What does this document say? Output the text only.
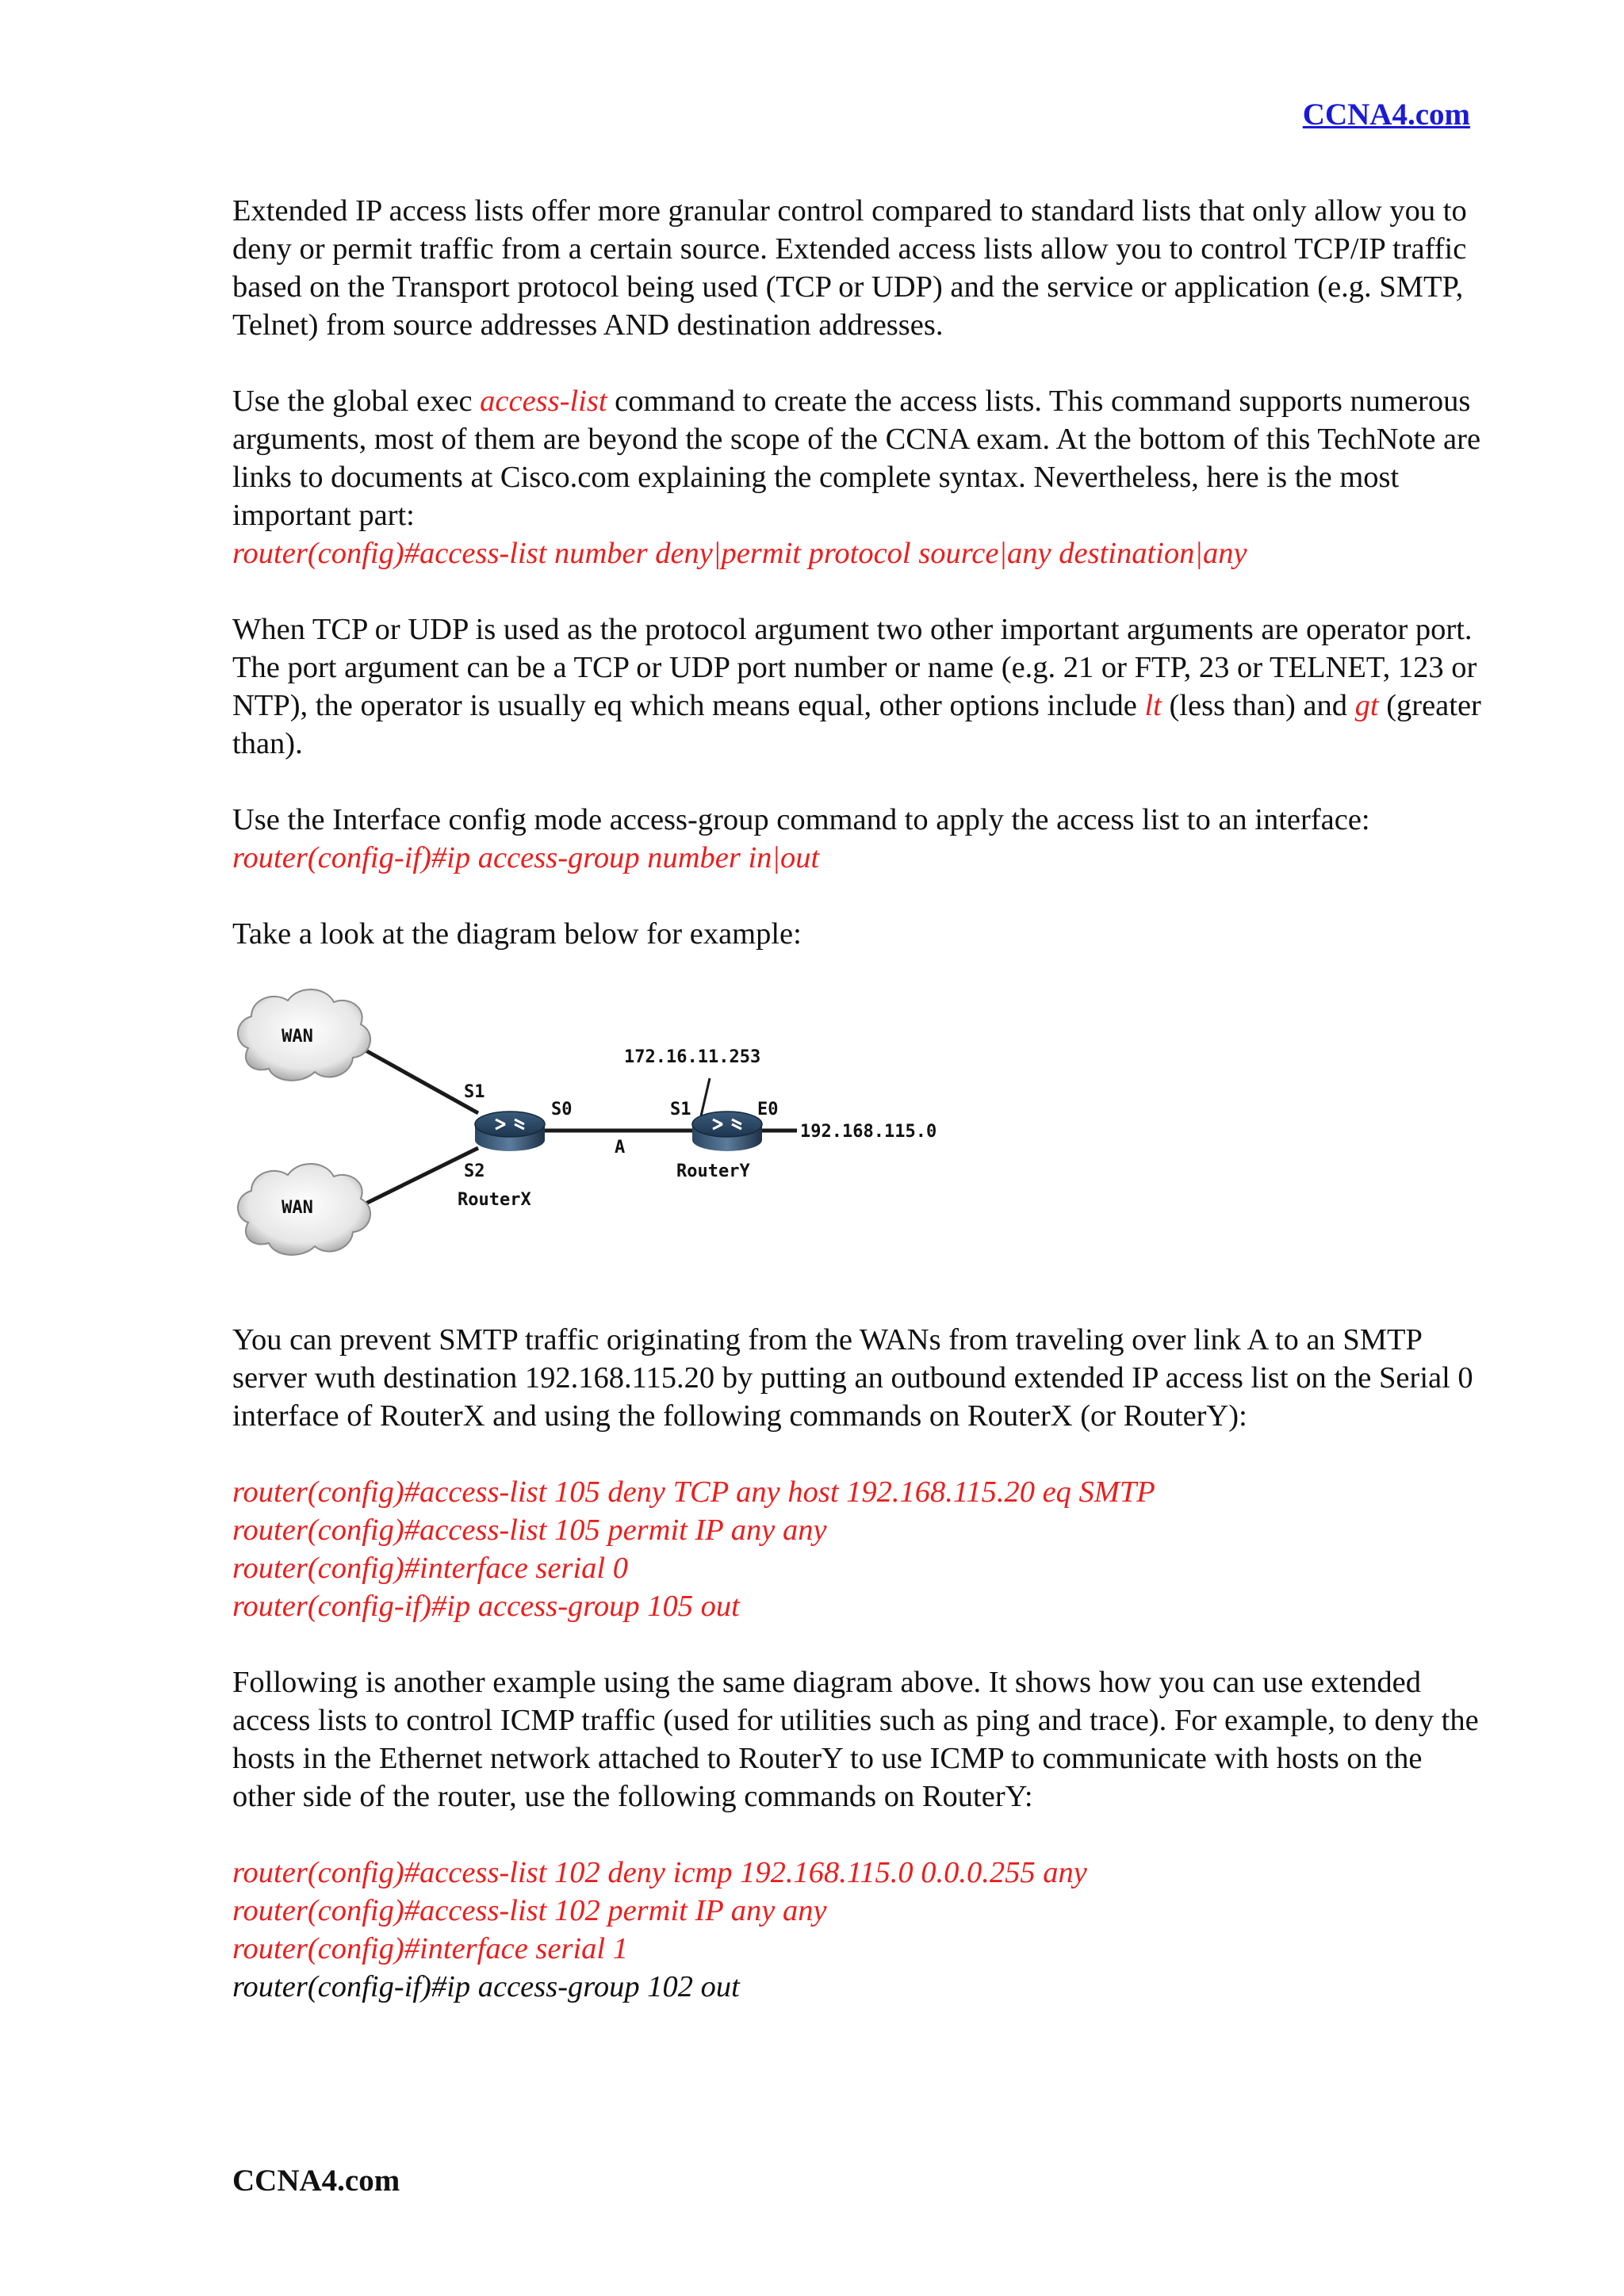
CCNA4.com

Extended IP access lists offer more granular control compared to standard lists that only allow you to deny or permit traffic from a certain source. Extended access lists allow you to control TCP/IP traffic based on the Transport protocol being used (TCP or UDP) and the service or application (e.g. SMTP, Telnet) from source addresses AND destination addresses.

Use the global exec access-list command to create the access lists. This command supports numerous arguments, most of them are beyond the scope of the CCNA exam. At the bottom of this TechNote are links to documents at Cisco.com explaining the complete syntax. Nevertheless, here is the most important part:

router(config)#access-list number deny|permit protocol source|any destination|any

When TCP or UDP is used as the protocol argument two other important arguments are operator port. The port argument can be a TCP or UDP port number or name (e.g. 21 or FTP, 23 or TELNET, 123 or NTP), the operator is usually eq which means equal, other options include lt (less than) and gt (greater than).

Use the Interface config mode access-group command to apply the access list to an interface:

router(config-if)#ip access-group number in|out

Take a look at the diagram below for example:

WAN
WAN
S1
S0
S2
RouterX
A
172.16.11.253
S1	E0
192.168.115.0
RouterY

You can prevent SMTP traffic originating from the WANs from traveling over link A to an SMTP server wuth destination 192.168.115.20 by putting an outbound extended IP access list on the Serial 0 interface of RouterX and using the following commands on RouterX (or RouterY):

router(config)#access-list 105 deny TCP any host 192.168.115.20 eq SMTP
router(config)#access-list 105 permit IP any any
router(config)#interface serial 0
router(config-if)#ip access-group 105 out

Following is another example using the same diagram above. It shows how you can use extended access lists to control ICMP traffic (used for utilities such as ping and trace). For example, to deny the hosts in the Ethernet network attached to RouterY to use ICMP to communicate with hosts on the other side of the router, use the following commands on RouterY:

router(config)#access-list 102 deny icmp 192.168.115.0 0.0.0.255 any
router(config)#access-list 102 permit IP any any
router(config)#interface serial 1
router(config-if)#ip access-group 102 out
CCNA4.com
